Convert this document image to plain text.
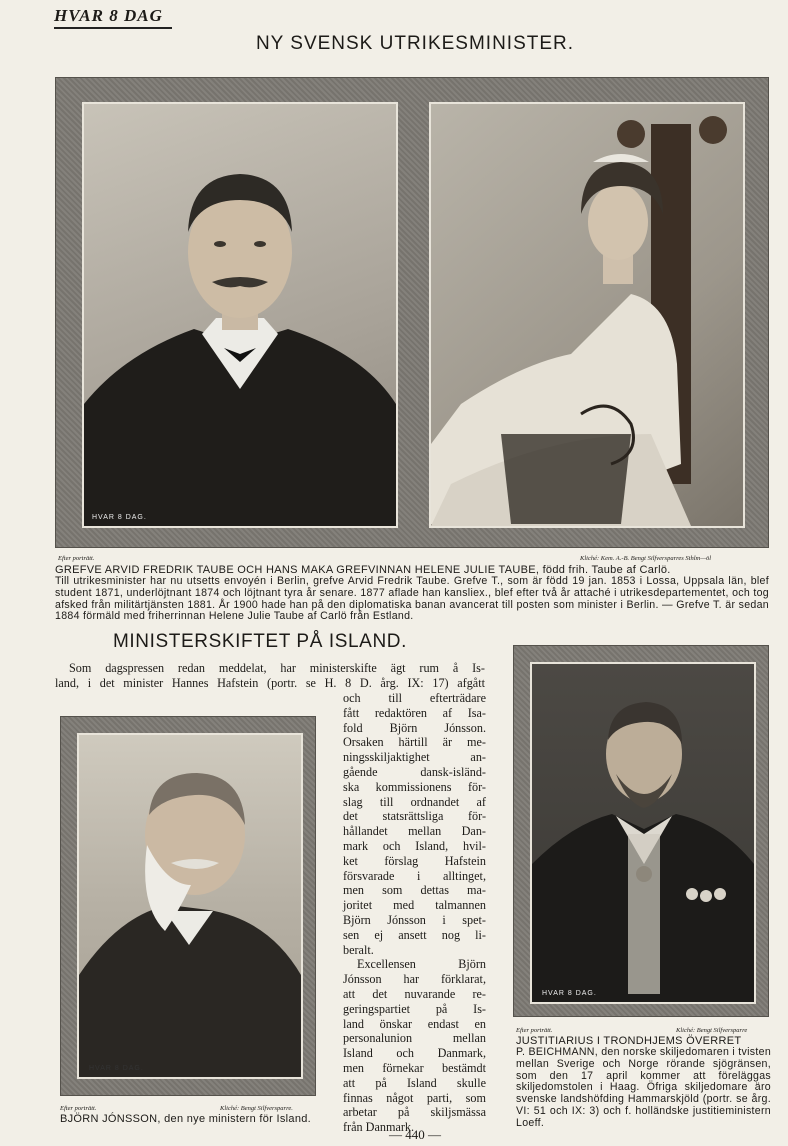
HVAR 8 DAG
NY SVENSK UTRIKESMINISTER.
HVAR 8 DAG.
Efter porträtt.	Kliché: Kem. A.-B. Bengt Silfversparres Sthlm—öl
GREFVE ARVID FREDRIK TAUBE OCH HANS MAKA GREFVINNAN HELENE JULIE TAUBE, född frih. Taube af Carlö.
Till utrikesminister har nu utsetts envoyén i Berlin, grefve Arvid Fredrik Taube. Grefve T., som är född 19 jan. 1853 i Lossa, Uppsala län, blef student 1871, underlöjtnant 1874 och löjtnant tyra år senare. 1877 aflade han kansliex., blef efter två år attaché i utrikesdepartementet, och tog afsked från militärtjänsten 1881. År 1900 hade han på den diplomatiska banan avancerat till posten som minister i Berlin. — Grefve T. är sedan 1884 förmäld med friherrinnan Helene Julie Taube af Carlö från Estland.
MINISTERSKIFTET PÅ ISLAND.
Som dagspressen redan meddelat, har ministerskifte ägt rum å Is-
land, i det minister Hannes Hafstein (portr. se H. 8 D. årg. IX: 17) afgått
och till efterträdare
fått redaktören af Isa-
fold Björn Jónsson.
Orsaken härtill är me-
ningsskiljaktighet an-
gående dansk-isländ-
ska kommissionens för-
slag till ordnandet af
det statsrättsliga för-
hållandet mellan Dan-
mark och Island, hvil-
ket förslag Hafstein
försvarade i alltinget,
men som dettas ma-
joritet med talmannen
Björn Jónsson i spet-
sen ej ansett nog li-
beralt.
Excellensen Björn
Jónsson har förklarat,
att det nuvarande re-
geringspartiet på Is-
land önskar endast en
personalunion mellan
Island och Danmark,
men förnekar bestämdt
att på Island skulle
finnas något parti, som
arbetar på skiljsmässa
från Danmark.
HVAR 8 DAG.
Efter porträtt.	Kliché: Bengt Silfversparre.
BJÖRN JÓNSSON, den nye ministern för Island.
HVAR 8 DAG.
Efter porträtt.	Kliché: Bengt Silfversparre
JUSTITIARIUS I TRONDHJEMS ÖVERRET
P. BEICHMANN, den norske skiljedomaren i tvisten mellan Sverige och Norge rörande sjögränsen, som den 17 april kommer att föreläggas skiljedomstolen i Haag. Öfriga skiljedomare äro svenske landshöfding Hammarskjöld (portr. se årg. VI: 51 och IX: 3) och f. holländske justitieministern Loeff.
— 440 —
